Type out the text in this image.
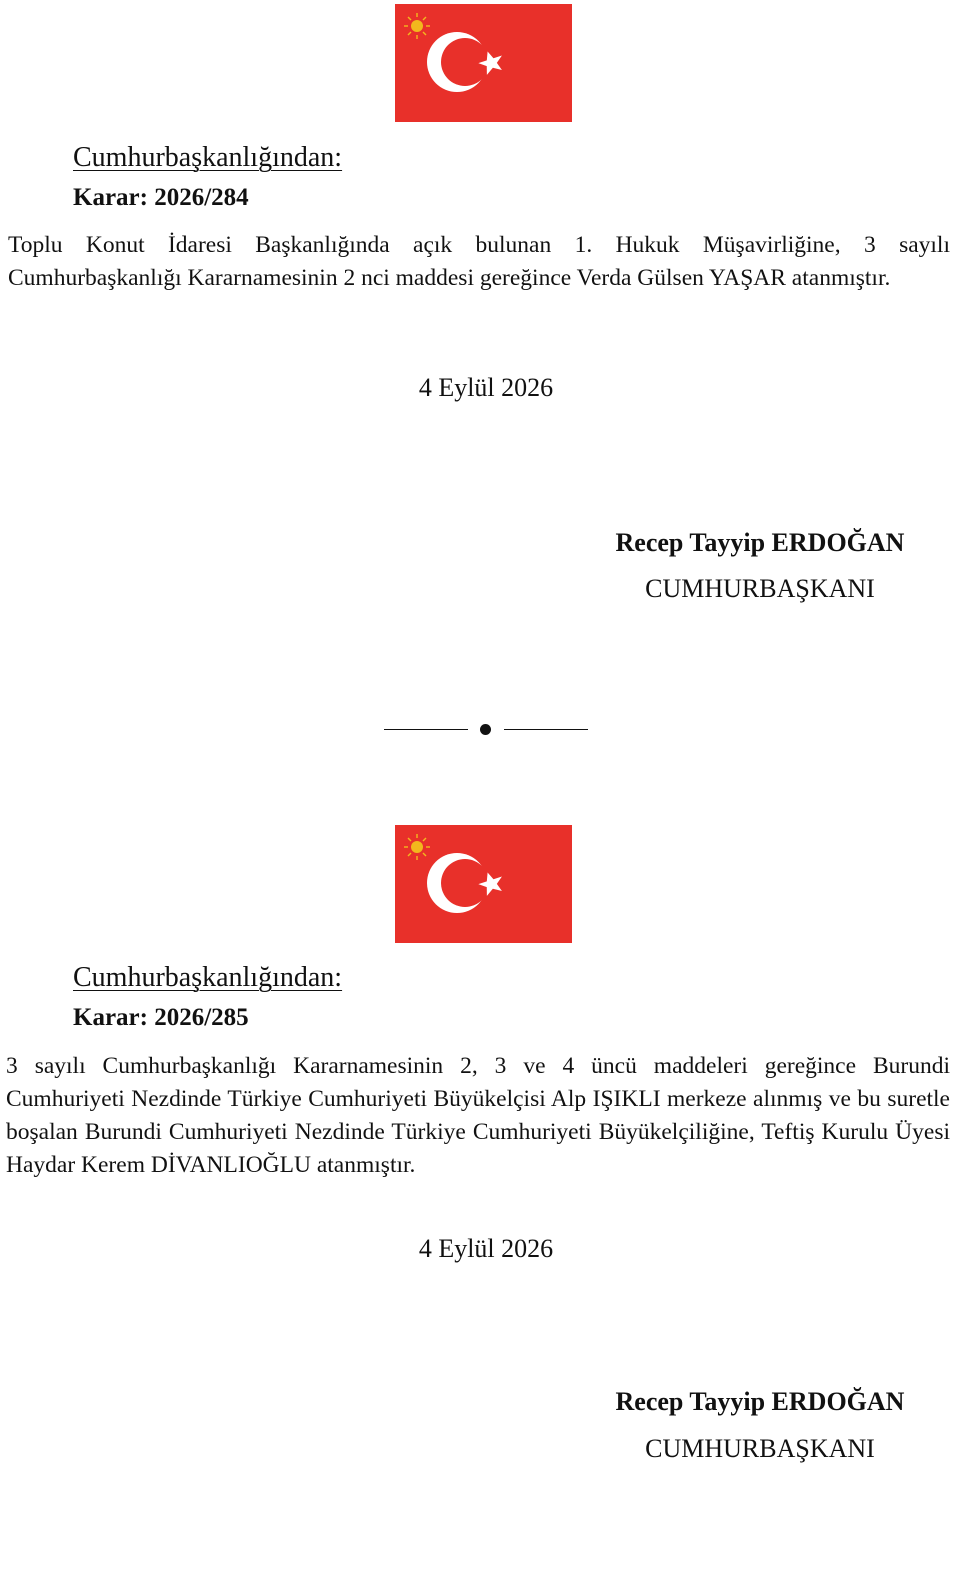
Cumhurbaşkanlığından:
Karar: 2026/284

Toplu Konut İdaresi Başkanlığında açık bulunan 1. Hukuk Müşavirliğine, 3 sayılı Cumhurbaşkanlığı Kararnamesinin 2 nci maddesi gereğince Verda Gülsen YAŞAR atanmıştır.

4 Eylül 2026
Recep Tayyip ERDOĞAN
CUMHURBAŞKANI
Cumhurbaşkanlığından:
Karar: 2026/285

3 sayılı Cumhurbaşkanlığı Kararnamesinin 2, 3 ve 4 üncü maddeleri gereğince Burundi Cumhuriyeti Nezdinde Türkiye Cumhuriyeti Büyükelçisi Alp IŞIKLI merkeze alınmış ve bu suretle boşalan Burundi Cumhuriyeti Nezdinde Türkiye Cumhuriyeti Büyükelçiliğine, Teftiş Kurulu Üyesi Haydar Kerem DİVANLIOĞLU atanmıştır.

4 Eylül 2026
Recep Tayyip ERDOĞAN
CUMHURBAŞKANI
